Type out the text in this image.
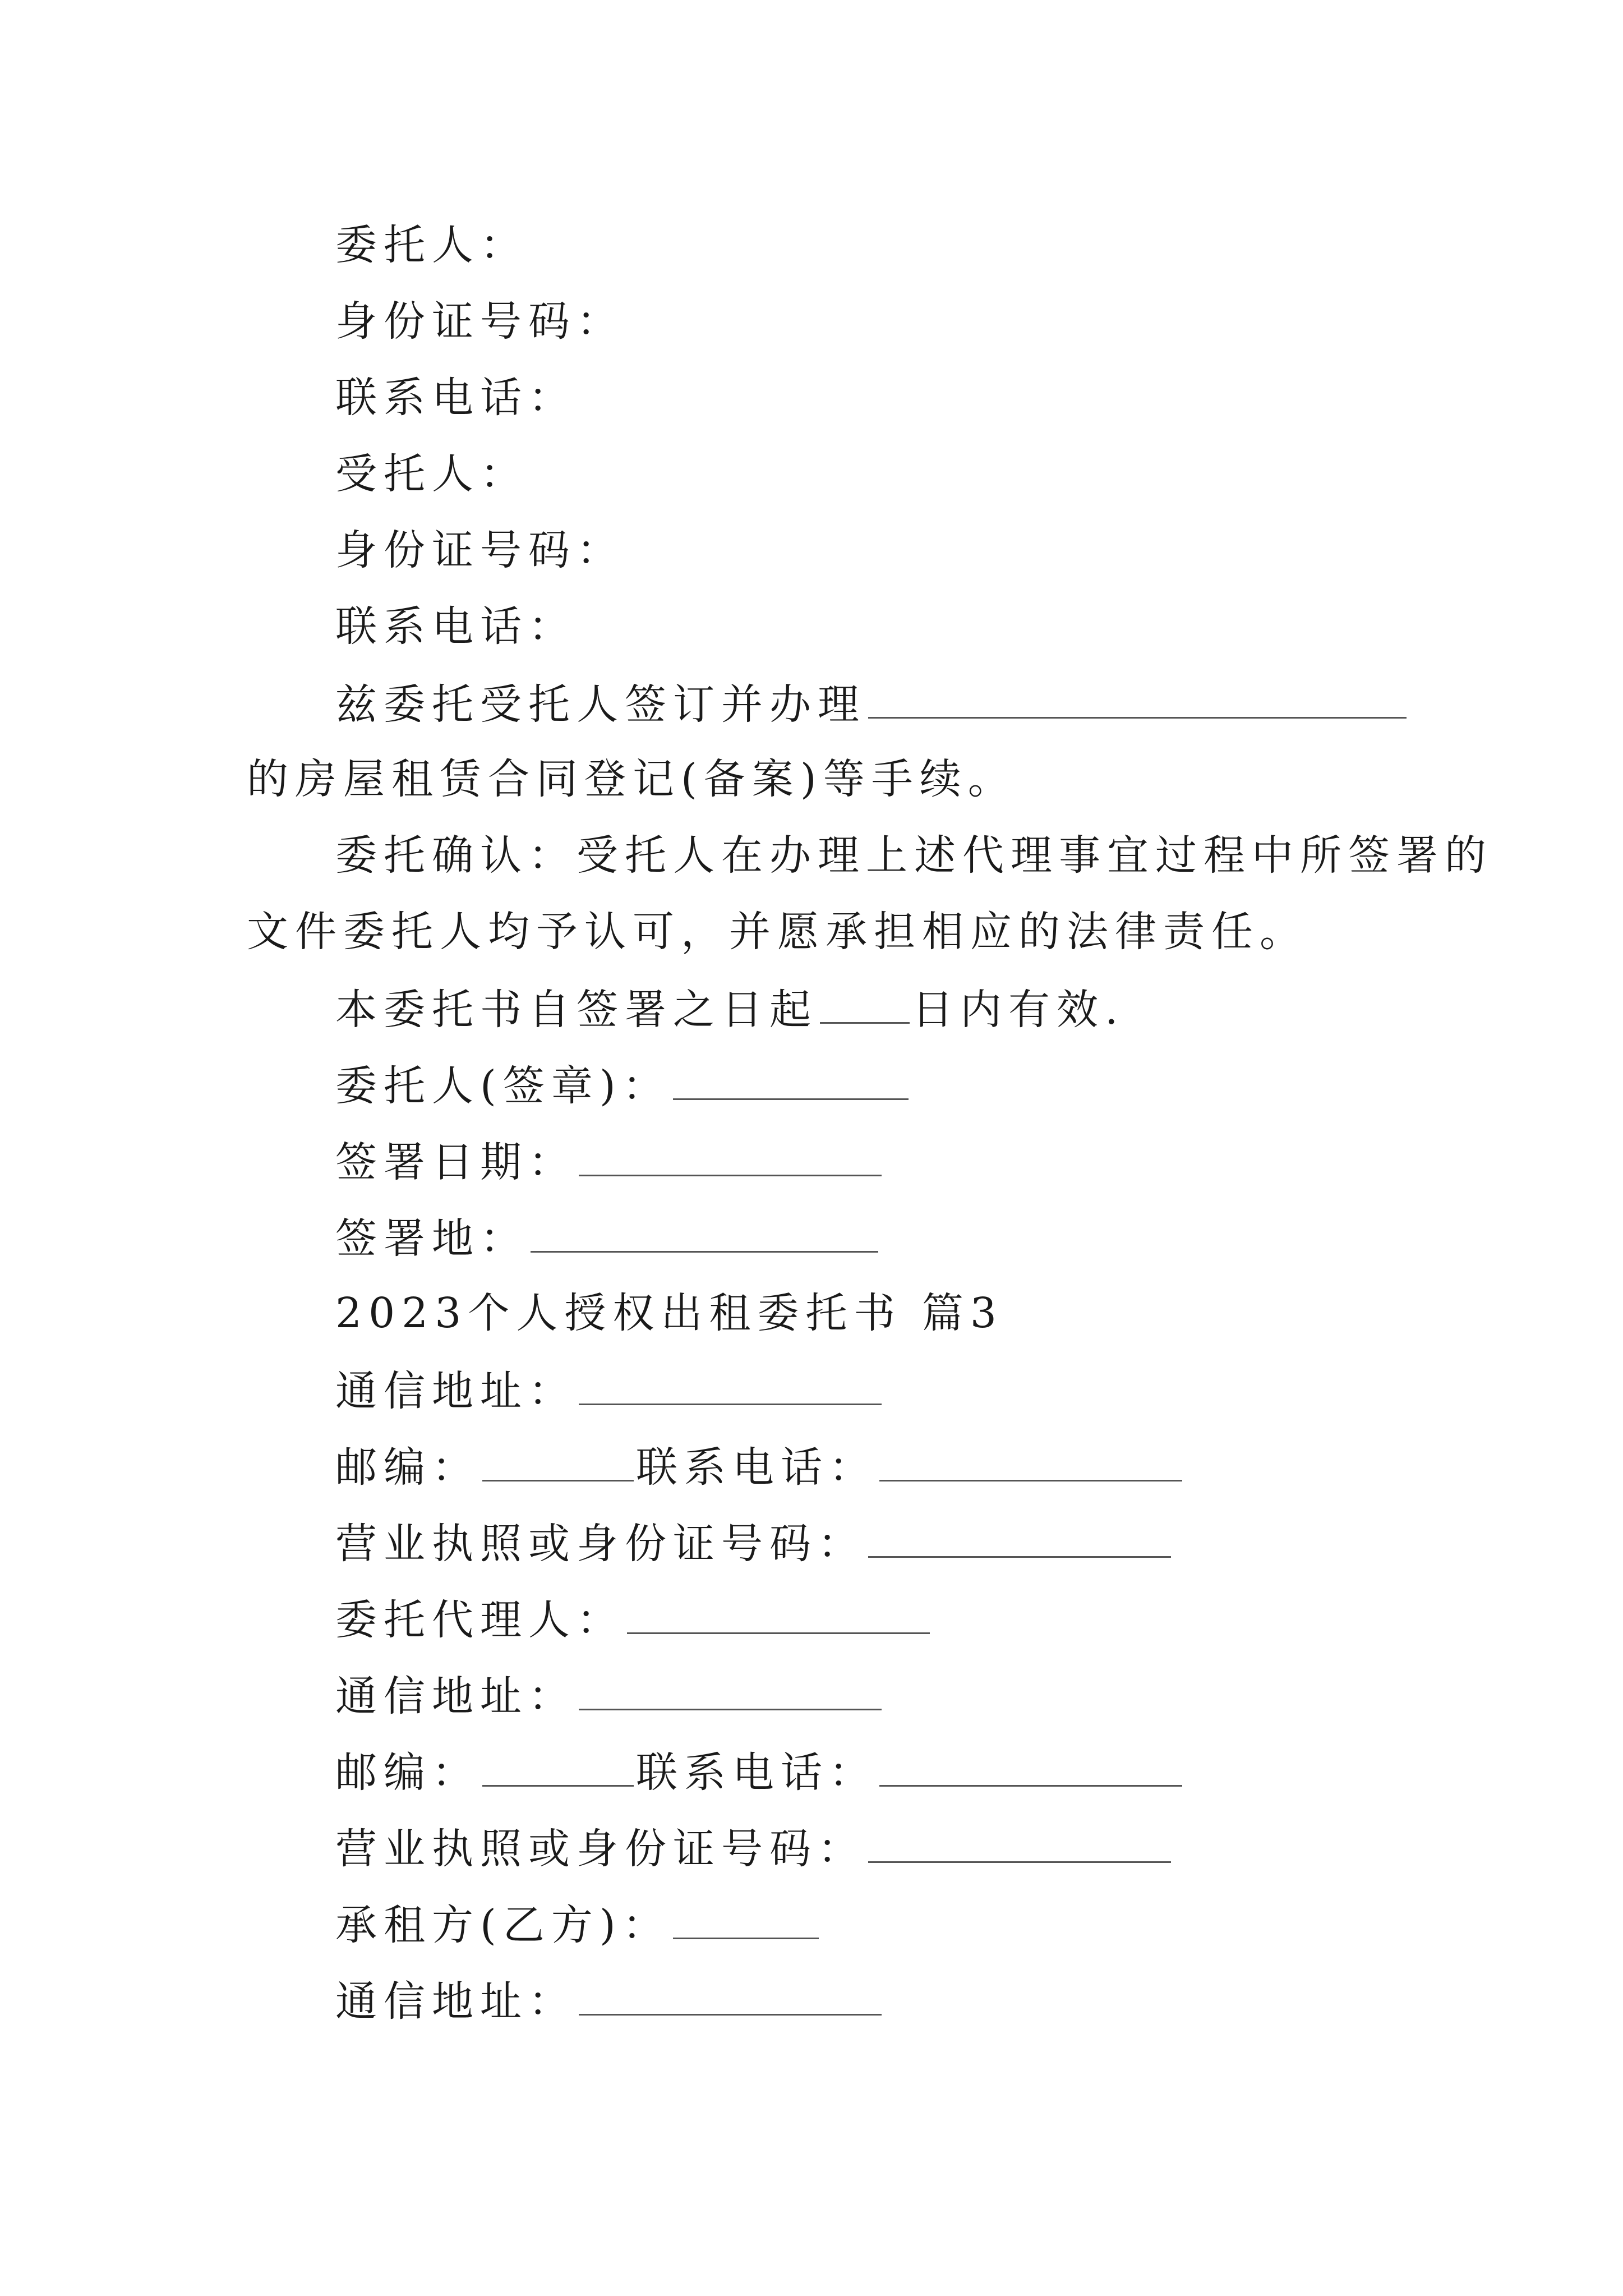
委托人：
身份证号码：
联系电话：
受托人：
身份证号码：
联系电话：
兹委托受托人签订并办理
的房屋租赁合同登记(备案)等手续。
委托确认：受托人在办理上述代理事宜过程中所签署的
文件委托人均予认可，并愿承担相应的法律责任。
本委托书自签署之日起 日内有效.
委托人(签章)：
签署日期：
签署地：
2023个人授权出租委托书 篇3
通信地址：
邮编：	联系电话：
营业执照或身份证号码：
委托代理人：
通信地址：
邮编：	联系电话：
营业执照或身份证号码：
承租方(乙方)：
通信地址：
